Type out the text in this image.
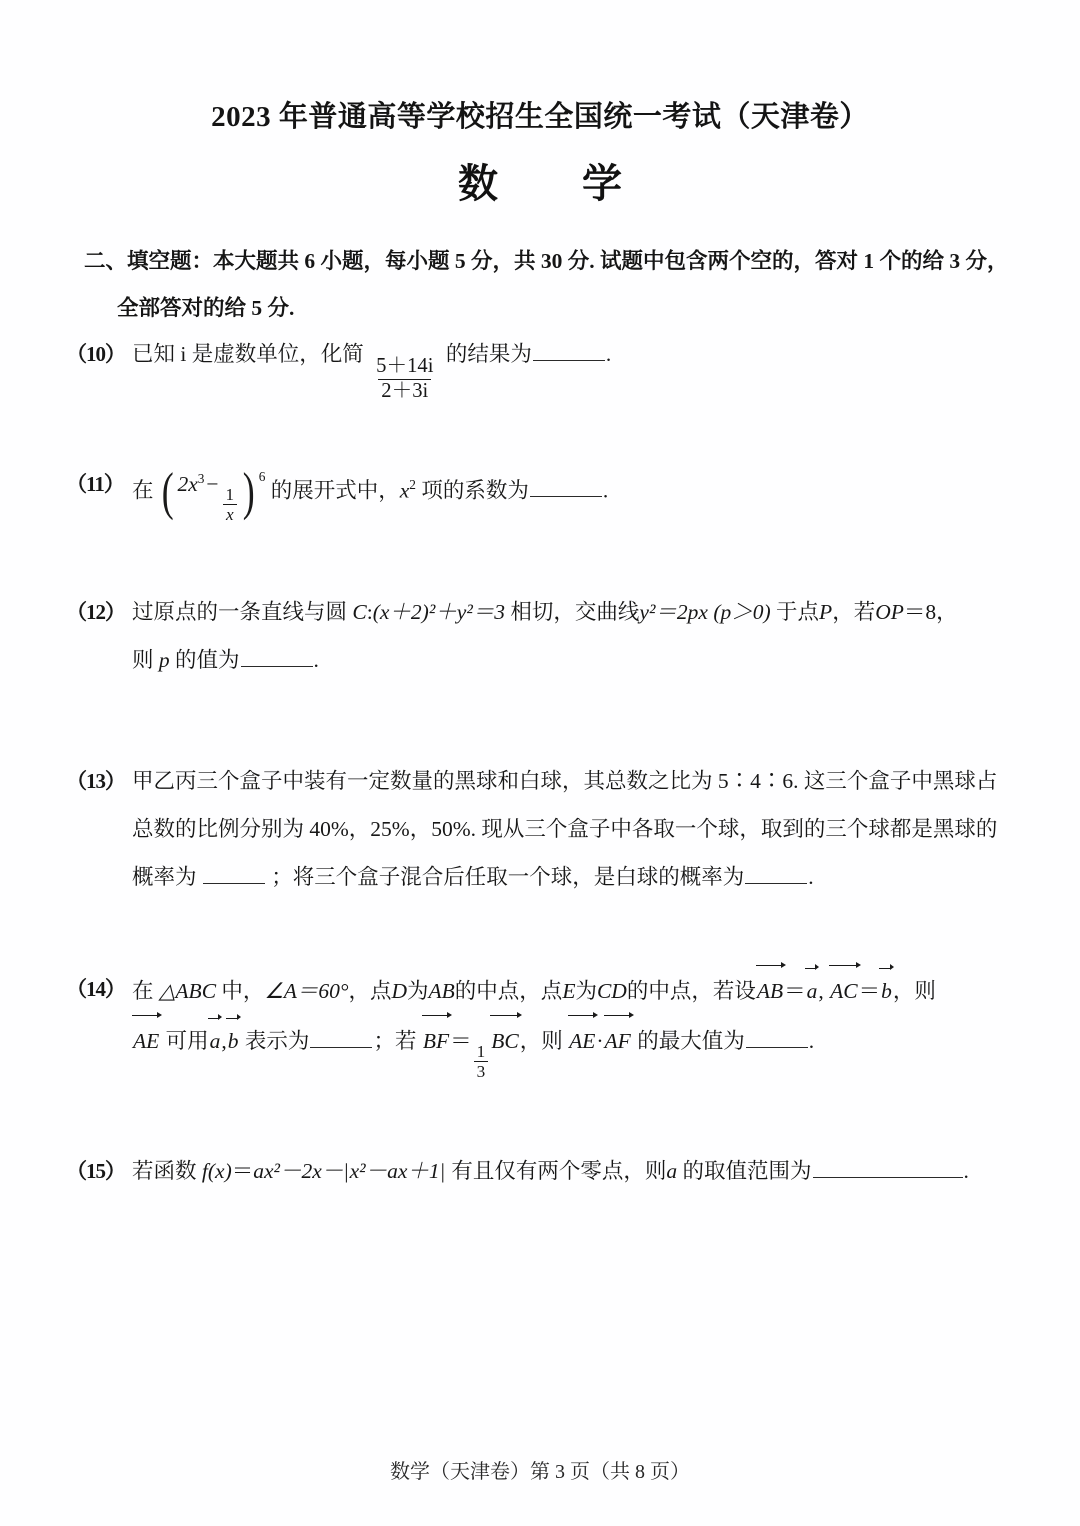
2023 年普通高等学校招生全国统一考试（天津卷）
数　学
二、填空题：本大题共 6 小题，每小题 5 分，共 30 分. 试题中包含两个空的，答对 1 个的给 3 分，
全部答对的给 5 分.
（10） 已知 i 是虚数单位，化简
$\frac{5+14i}{2+3i}$
的结果为	.
（11） 在 ( $2x^3-$
$\frac{1}{x}$ ) $^6$ 的展开式中，$x^2$ 项的系数为	.
（12） 过原点的一条直线与圆 C:(x＋2)²＋y²＝3 相切，交曲线y²＝2px (p＞0) 于点P，若OP＝8，
则 p 的值为	.
（13） 甲乙丙三个盒子中装有一定数量的黑球和白球，其总数之比为 5∶4∶6. 这三个盒子中黑球占
总数的比例分别为 40%，25%，50%. 现从三个盒子中各取一个球，取到的三个球都是黑球的
概率为	；将三个盒子混合后任取一个球，是白球的概率为	.
（14） 在 △ABC 中，∠A＝60°，点D为AB的中点，点E为CD的中点，若设
AB＝
a, AC＝
b，则
AE 可用
a,
b 表示为	；若 BF＝
$\frac{1}{3}$
BC，则 AE·
AF 的最大值为	.
（15） 若函数 f(x)＝ax²－2x－|x²－ax＋1| 有且仅有两个零点，则a 的取值范围为	.
数学（天津卷）第 3 页（共 8 页）
